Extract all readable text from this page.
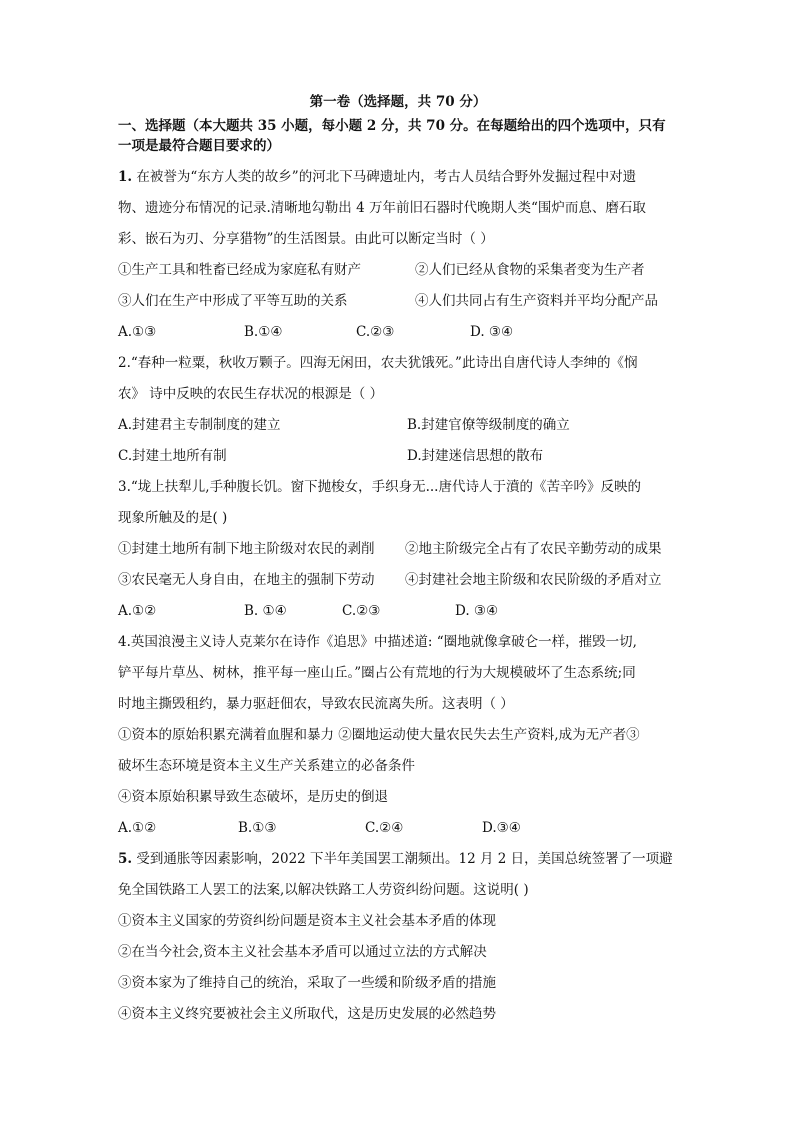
第一卷（选择题，共 70 分）
一、选择题（本大题共 35 小题，每小题 2 分，共 70 分。在每题给出的四个选项中，只有
一项是最符合题目要求的）
1. 在被誉为“东方人类的故乡”的河北下马碑遗址内，考古人员结合野外发掘过程中对遗
物、遗迹分布情况的记录.清晰地勾勒出 4 万年前旧石器时代晚期人类“围炉而息、磨石取
彩、嵌石为刃、分享猎物”的生活图景。由此可以断定当时（ ）
①生产工具和牲畜已经成为家庭私有财产	②人们已经从食物的采集者变为生产者
③人们在生产中形成了平等互助的关系	④人们共同占有生产资料并平均分配产品
A.①③	B.①④	C.②③	D. ③④
2.“春种一粒粟，秋收万颗子。四海无闲田，农夫犹饿死。”此诗出自唐代诗人李绅的《悯
农》 诗中反映的农民生存状况的根源是（ ）
A.封建君主专制制度的建立	B.封建官僚等级制度的确立
C.封建土地所有制	D.封建迷信思想的散布
3.“垅上扶犁儿,手种腹长饥。窗下抛梭女，手织身无...唐代诗人于濆的《苦辛吟》反映的
现象所触及的是( )
①封建土地所有制下地主阶级对农民的剥削 ②地主阶级完全占有了农民辛勤劳动的成果
③农民毫无人身自由，在地主的强制下劳动 ④封建社会地主阶级和农民阶级的矛盾对立
A.①②	B. ①④	C.②③	D. ③④
4.英国浪漫主义诗人克莱尔在诗作《追思》中描述道: “圈地就像拿破仑一样，摧毁一切,
铲平每片草丛、树林，推平每一座山丘。”圈占公有荒地的行为大规模破坏了生态系统;同
时地主撕毁租约，暴力驱赶佃农，导致农民流离失所。这表明（ ）
①资本的原始积累充满着血腥和暴力 ②圈地运动使大量农民失去生产资料,成为无产者③
破坏生态环境是资本主义生产关系建立的必备条件
④资本原始积累导致生态破坏，是历史的倒退
A.①②	B.①③	C.②④	D.③④
5. 受到通胀等因素影响，2022 下半年美国罢工潮频出。12 月 2 日，美国总统签署了一项避
免全国铁路工人罢工的法案,以解决铁路工人劳资纠纷问题。这说明( )
①资本主义国家的劳资纠纷问题是资本主义社会基本矛盾的体现
②在当今社会,资本主义社会基本矛盾可以通过立法的方式解决
③资本家为了维持自己的统治，采取了一些缓和阶级矛盾的措施
④资本主义终究要被社会主义所取代，这是历史发展的必然趋势
